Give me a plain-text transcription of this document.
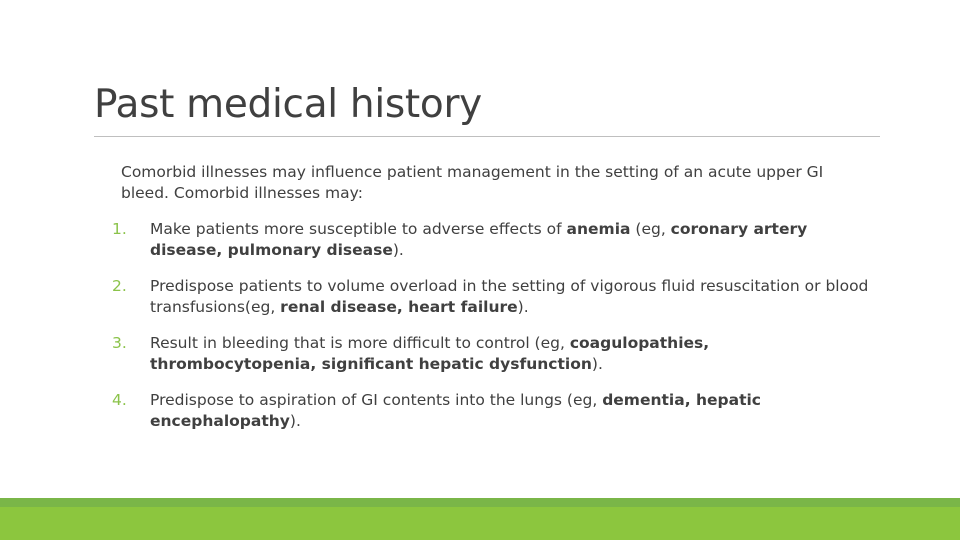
Past medical history

Comorbid illnesses may influence patient management in the setting of an acute upper GI bleed. Comorbid illnesses may:

1. Make patients more susceptible to adverse effects of anemia (eg, coronary artery disease, pulmonary disease).
2. Predispose patients to volume overload in the setting of vigorous fluid resuscitation or blood transfusions(eg, renal disease, heart failure).
3. Result in bleeding that is more difficult to control (eg, coagulopathies, thrombocytopenia, significant hepatic dysfunction).
4. Predispose to aspiration of GI contents into the lungs (eg, dementia, hepatic encephalopathy).
